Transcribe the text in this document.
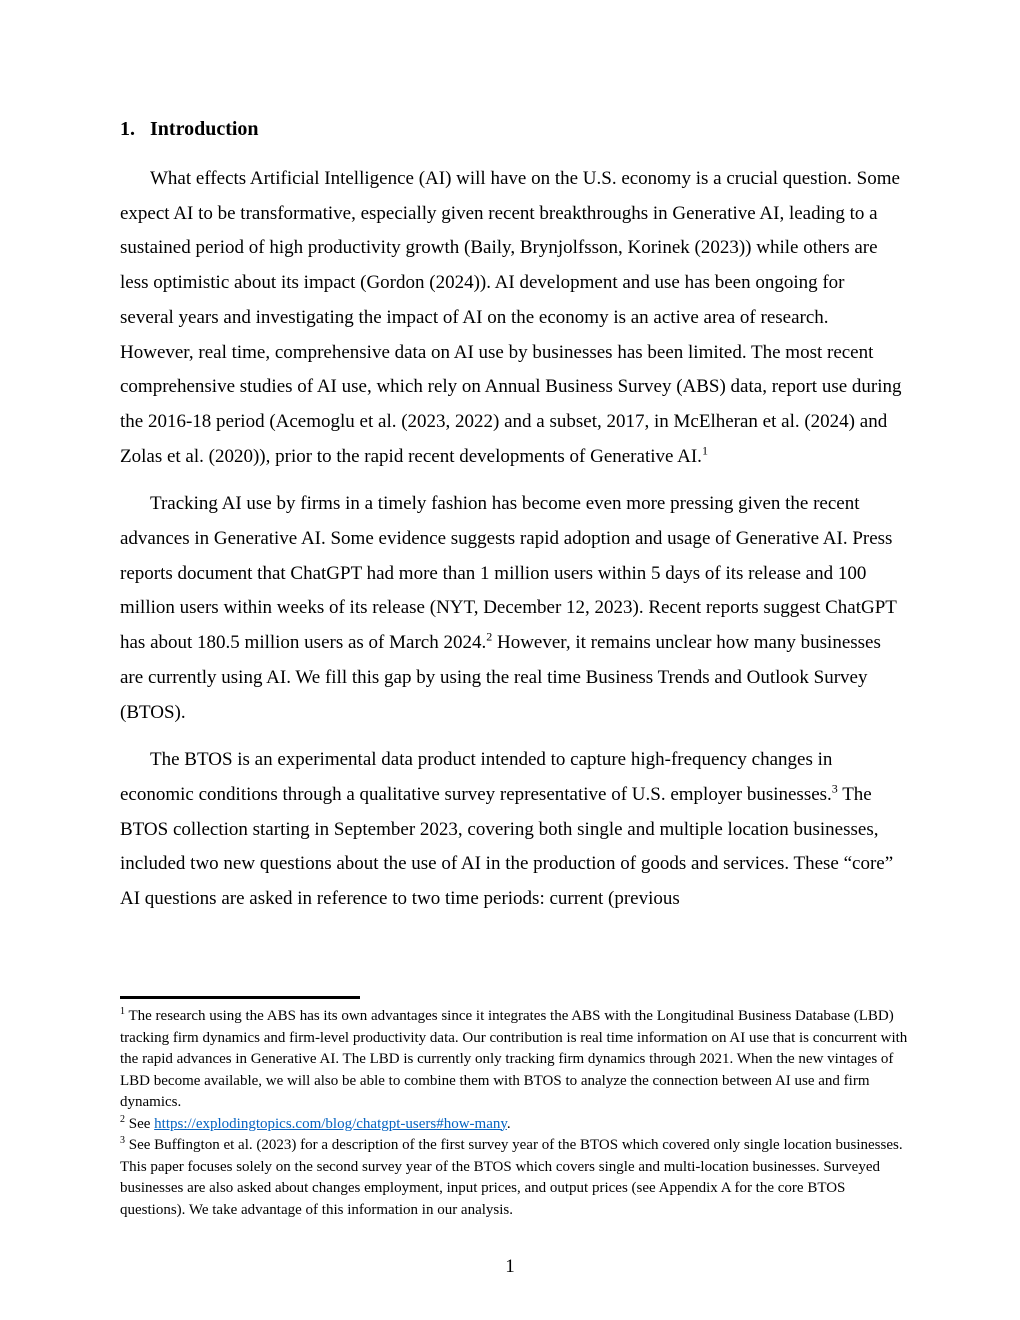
1. Introduction

What effects Artificial Intelligence (AI) will have on the U.S. economy is a crucial question. Some expect AI to be transformative, especially given recent breakthroughs in Generative AI, leading to a sustained period of high productivity growth (Baily, Brynjolfsson, Korinek (2023)) while others are less optimistic about its impact (Gordon (2024)). AI development and use has been ongoing for several years and investigating the impact of AI on the economy is an active area of research. However, real time, comprehensive data on AI use by businesses has been limited. The most recent comprehensive studies of AI use, which rely on Annual Business Survey (ABS) data, report use during the 2016-18 period (Acemoglu et al. (2023, 2022) and a subset, 2017, in McElheran et al. (2024) and Zolas et al. (2020)), prior to the rapid recent developments of Generative AI.$^1$

Tracking AI use by firms in a timely fashion has become even more pressing given the recent advances in Generative AI. Some evidence suggests rapid adoption and usage of Generative AI. Press reports document that ChatGPT had more than 1 million users within 5 days of its release and 100 million users within weeks of its release (NYT, December 12, 2023). Recent reports suggest ChatGPT has about 180.5 million users as of March 2024.$^2$ However, it remains unclear how many businesses are currently using AI. We fill this gap by using the real time Business Trends and Outlook Survey (BTOS).

The BTOS is an experimental data product intended to capture high-frequency changes in economic conditions through a qualitative survey representative of U.S. employer businesses.$^3$ The BTOS collection starting in September 2023, covering both single and multiple location businesses, included two new questions about the use of AI in the production of goods and services. These “core” AI questions are asked in reference to two time periods: current (previous

$^1$ The research using the ABS has its own advantages since it integrates the ABS with the Longitudinal Business Database (LBD) tracking firm dynamics and firm-level productivity data. Our contribution is real time information on AI use that is concurrent with the rapid advances in Generative AI. The LBD is currently only tracking firm dynamics through 2021. When the new vintages of LBD become available, we will also be able to combine them with BTOS to analyze the connection between AI use and firm dynamics.
$^2$ See https://explodingtopics.com/blog/chatgpt-users#how-many.
$^3$ See Buffington et al. (2023) for a description of the first survey year of the BTOS which covered only single location businesses. This paper focuses solely on the second survey year of the BTOS which covers single and multi-location businesses. Surveyed businesses are also asked about changes employment, input prices, and output prices (see Appendix A for the core BTOS questions). We take advantage of this information in our analysis.
1
